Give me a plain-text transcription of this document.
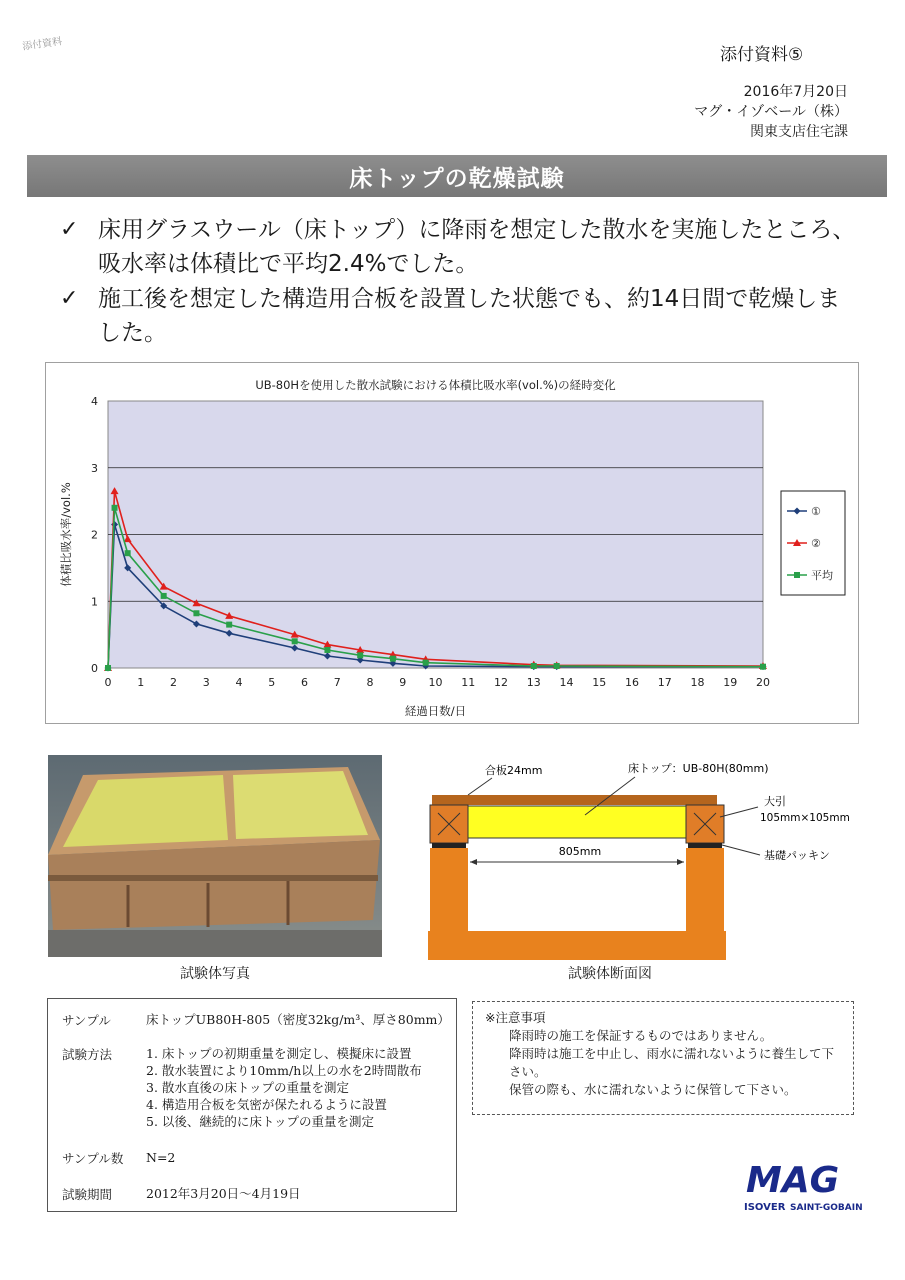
添付資料
添付資料⑤
2016年7月20日
マグ・イゾベール（株）
関東支店住宅課
床トップの乾燥試験
✓ 床用グラスウール（床トップ）に降雨を想定した散水を実施したところ、吸水率は体積比で平均2.4%でした。
✓ 施工後を想定した構造用合板を設置した状態でも、約14日間で乾燥しました。
0
1
2
3
4
0 1 2 3 4 5 6 7 8 9 10 11 12 13 14 15 16 17 18 19 20
UB-80Hを使用した散水試験における体積比吸水率(vol.%)の経時変化
経過日数/日
体積比吸水率/vol.%	①
②
平均
試験体写真
805mm
合板24mm	床トップ：UB-80H(80mm)
大引
105mm×105mm
基礎パッキン
試験体断面図
サンプル	床トップUB80H-805（密度32kg/m³、厚さ80mm）
試験方法	1. 床トップの初期重量を測定し、模擬床に設置
2. 散水装置により10mm/h以上の水を2時間散布
3. 散水直後の床トップの重量を測定
4. 構造用合板を気密が保たれるように設置
5. 以後、継続的に床トップの重量を測定
サンプル数	N=2
試験期間	2012年3月20日～4月19日
※注意事項
降雨時の施工を保証するものではありません。
降雨時は施工を中止し、雨水に濡れないように養生して下さい。
保管の際も、水に濡れないように保管して下さい。
MAG
ISOVER SAINT-GOBAIN
